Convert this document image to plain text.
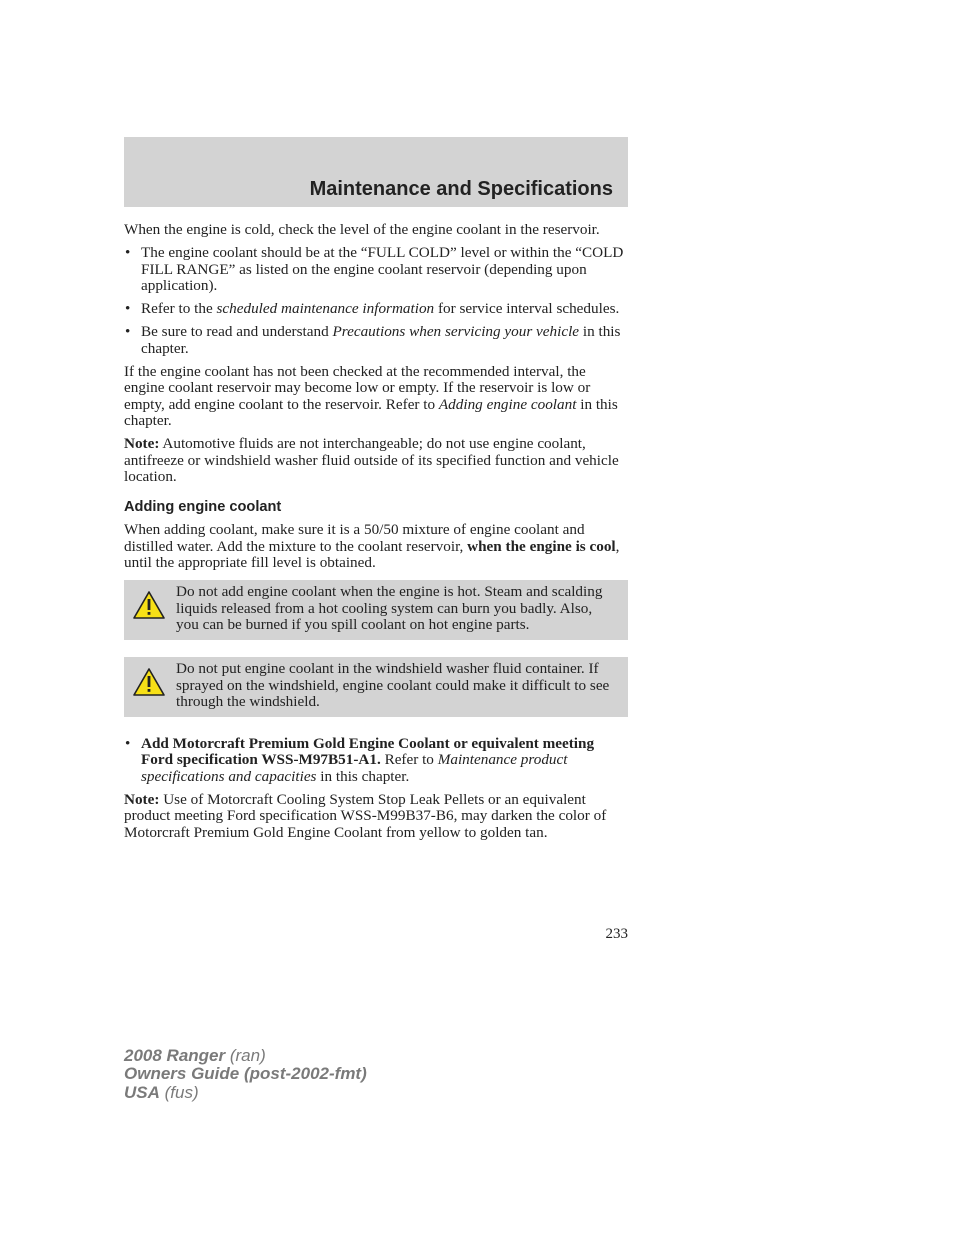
Maintenance and Specifications

When the engine is cold, check the level of the engine coolant in the reservoir.

• The engine coolant should be at the “FULL COLD” level or within the “COLD FILL RANGE” as listed on the engine coolant reservoir (depending upon application).
• Refer to the scheduled maintenance information for service interval schedules.
• Be sure to read and understand Precautions when servicing your vehicle in this chapter.

If the engine coolant has not been checked at the recommended interval, the engine coolant reservoir may become low or empty. If the reservoir is low or empty, add engine coolant to the reservoir. Refer to Adding engine coolant in this chapter.

Note: Automotive fluids are not interchangeable; do not use engine coolant, antifreeze or windshield washer fluid outside of its specified function and vehicle location.

Adding engine coolant

When adding coolant, make sure it is a 50/50 mixture of engine coolant and distilled water. Add the mixture to the coolant reservoir, when the engine is cool, until the appropriate fill level is obtained.

Do not add engine coolant when the engine is hot. Steam and scalding liquids released from a hot cooling system can burn you badly. Also, you can be burned if you spill coolant on hot engine parts.
Do not put engine coolant in the windshield washer fluid container. If sprayed on the windshield, engine coolant could make it difficult to see through the windshield.
• Add Motorcraft Premium Gold Engine Coolant or equivalent meeting Ford specification WSS-M97B51-A1. Refer to Maintenance product specifications and capacities in this chapter.

Note: Use of Motorcraft Cooling System Stop Leak Pellets or an equivalent product meeting Ford specification WSS-M99B37-B6, may darken the color of Motorcraft Premium Gold Engine Coolant from yellow to golden tan.

233
2008 Ranger (ran)
Owners Guide (post-2002-fmt)
USA (fus)
